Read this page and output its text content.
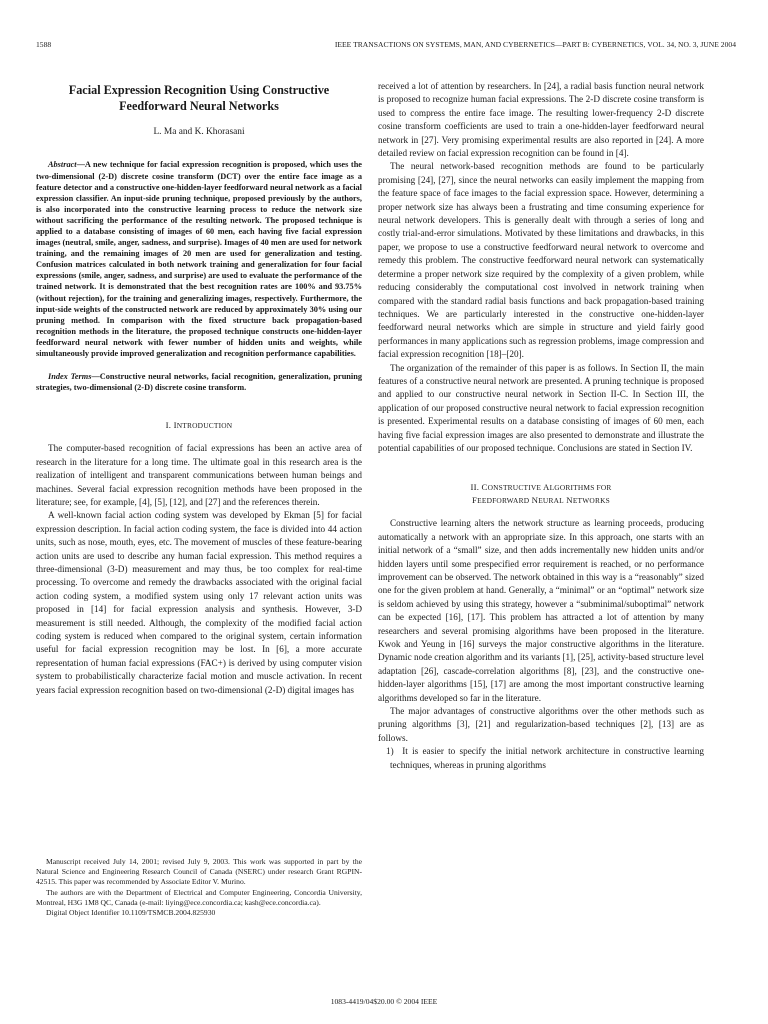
1588	IEEE TRANSACTIONS ON SYSTEMS, MAN, AND CYBERNETICS—PART B: CYBERNETICS, VOL. 34, NO. 3, JUNE 2004
Facial Expression Recognition Using Constructive
Feedforward Neural Networks
L. Ma and K. Khorasani

Abstract—A new technique for facial expression recognition is proposed, which uses the two-dimensional (2-D) discrete cosine transform (DCT) over the entire face image as a feature detector and a constructive one-hidden-layer feedforward neural network as a facial expression classifier. An input-side pruning technique, proposed previously by the authors, is also incorporated into the constructive learning process to reduce the network size without sacrificing the performance of the resulting network. The proposed technique is applied to a database consisting of images of 60 men, each having five facial expression images (neutral, smile, anger, sadness, and surprise). Images of 40 men are used for network training, and the remaining images of 20 men are used for generalization and testing. Confusion matrices calculated in both network training and generalization for four facial expressions (smile, anger, sadness, and surprise) are used to evaluate the performance of the trained network. It is demonstrated that the best recognition rates are 100% and 93.75% (without rejection), for the training and generalizing images, respectively. Furthermore, the input-side weights of the constructed network are reduced by approximately 30% using our pruning method. In comparison with the fixed structure back propagation-based recognition methods in the literature, the proposed technique constructs one-hidden-layer feedforward neural network with fewer number of hidden units and weights, while simultaneously provide improved generalization and recognition performance capabilities.

Index Terms—Constructive neural networks, facial recognition, generalization, pruning strategies, two-dimensional (2-D) discrete cosine transform.

I. INTRODUCTION

The computer-based recognition of facial expressions has been an active area of research in the literature for a long time. The ultimate goal in this research area is the realization of intelligent and transparent communications between human beings and machines. Several facial expression recognition methods have been proposed in the literature; see, for example, [4], [5], [12], and [27] and the references therein.

A well-known facial action coding system was developed by Ekman [5] for facial expression description. In facial action coding system, the face is divided into 44 action units, such as nose, mouth, eyes, etc. The movement of muscles of these feature-bearing action units are used to describe any human facial expression. This method requires a three-dimensional (3-D) measurement and may thus, be too complex for real-time processing. To overcome and remedy the drawbacks associated with the original facial action coding system, a modified system using only 17 relevant action units was proposed in [14] for facial expression analysis and synthesis. However, 3-D measurement is still needed. Although, the complexity of the modified facial action coding system is reduced when compared to the original system, certain information useful for facial expression recognition may be lost. In [6], a more accurate representation of human facial expressions (FAC+) is derived by using computer vision system to probabilistically characterize facial motion and muscle activation. In recent years facial expression recognition based on two-dimensional (2-D) digital images has

Manuscript received July 14, 2001; revised July 9, 2003. This work was supported in part by the Natural Science and Engineering Research Council of Canada (NSERC) under research Grant RGPIN-42515. This paper was recommended by Associate Editor V. Murino.

The authors are with the Department of Electrical and Computer Engineering, Concordia University, Montreal, H3G 1M8 QC, Canada (e-mail: liying@ece.concordia.ca; kash@ece.concordia.ca).

Digital Object Identifier 10.1109/TSMCB.2004.825930

received a lot of attention by researchers. In [24], a radial basis function neural network is proposed to recognize human facial expressions. The 2-D discrete cosine transform is used to compress the entire face image. The resulting lower-frequency 2-D discrete cosine transform coefficients are used to train a one-hidden-layer feedforward neural network in [27]. Very promising experimental results are also reported in [24]. A more detailed review on facial expression recognition can be found in [4].

The neural network-based recognition methods are found to be particularly promising [24], [27], since the neural networks can easily implement the mapping from the feature space of face images to the facial expression space. However, determining a proper network size has always been a frustrating and time consuming experience for neural network developers. This is generally dealt with through a series of long and costly trial-and-error simulations. Motivated by these limitations and drawbacks, in this paper, we propose to use a constructive feedforward neural network to overcome and remedy this problem. The constructive feedforward neural network can systematically determine a proper network size required by the complexity of a given problem, while reducing considerably the computational cost involved in network training when compared with the standard radial basis functions and back propagation-based training techniques. We are particularly interested in the constructive one-hidden-layer feedforward neural networks which are simple in structure and yield fairly good performances in many applications such as regression problems, image compression and facial expression recognition [18]–[20].

The organization of the remainder of this paper is as follows. In Section II, the main features of a constructive neural network are presented. A pruning technique is proposed and applied to our constructive neural network in Section II-C. In Section III, the application of our proposed constructive neural network to facial expression recognition is presented. Experimental results on a database consisting of images of 60 men, each having five facial expression images are also presented to demonstrate and illustrate the potential capabilities of our proposed technique. Conclusions are stated in Section IV.

II. CONSTRUCTIVE ALGORITHMS FOR
FEEDFORWARD NEURAL NETWORKS

Constructive learning alters the network structure as learning proceeds, producing automatically a network with an appropriate size. In this approach, one starts with an initial network of a “small” size, and then adds incrementally new hidden units and/or hidden layers until some prespecified error requirement is reached, or no performance improvement can be observed. The network obtained in this way is a “reasonably” sized one for the given problem at hand. Generally, a “minimal” or an “optimal” network size is seldom achieved by using this strategy, however a “subminimal/suboptimal” network can be expected [16], [17]. This problem has attracted a lot of attention by many researchers and several promising algorithms have been proposed in the literature. Kwok and Yeung in [16] surveys the major constructive algorithms in the literature. Dynamic node creation algorithm and its variants [1], [25], activity-based structure level adaptation [26], cascade-correlation algorithms [8], [23], and the constructive one-hidden-layer algorithms [15], [17] are among the most important constructive learning algorithms developed so far in the literature.

The major advantages of constructive algorithms over the other methods such as pruning algorithms [3], [21] and regularization-based techniques [2], [13] are as follows.

1) It is easier to specify the initial network architecture in constructive learning techniques, whereas in pruning algorithms

1083-4419/04$20.00 © 2004 IEEE
